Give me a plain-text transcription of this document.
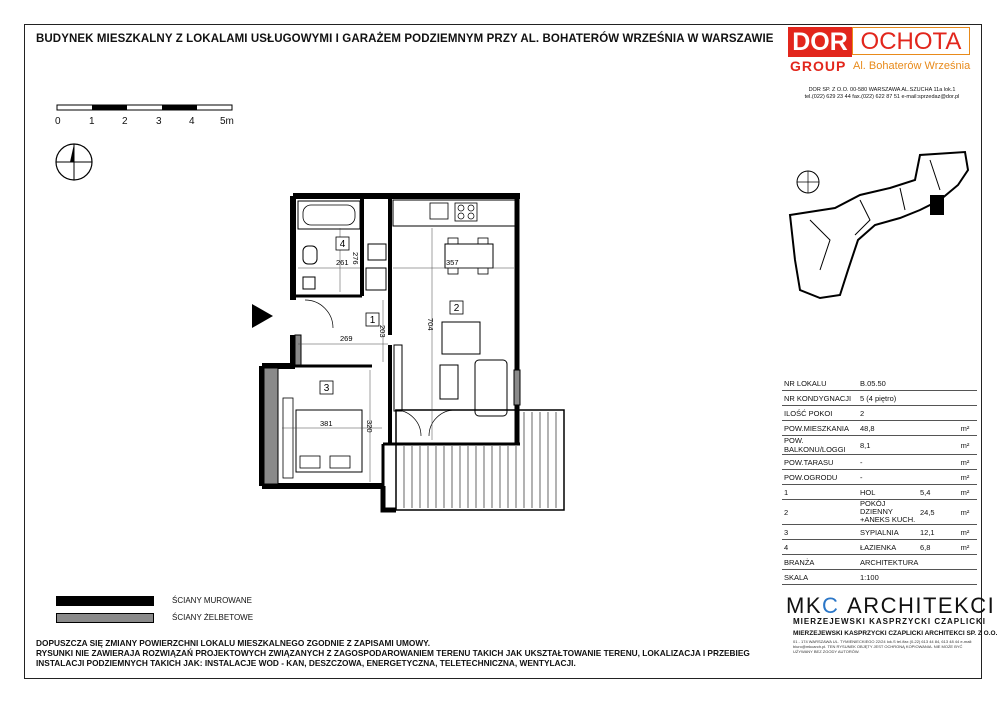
BUDYNEK MIESZKALNY Z LOKALAMI USŁUGOWYMI I GARAŻEM PODZIEMNYM PRZY AL. BOHATERÓW WRZEŚNIA W WARSZAWIE DOR OCHOTA
GROUP Al. Bohaterów Września
DOR SP. Z O.O. 00-580 WARSZAWA AL.SZUCHA 11a lok.1
tel.(022) 629 23 44 fax.(022) 622 87 51 e-mail:sprzedaz@dor.pl
0	1	2	3	4	5m
4
1
2
3
261 276	357
269
203
704
381	320
NR LOKALU	B.05.50		
NR KONDYGNACJI	5 (4 piętro)		
ILOŚĆ POKOI	2		
POW.MIESZKANIA	48,8		m²
POW. BALKONU/LOGGI	8,1		m²
POW.TARASU	-		m²
POW.OGRODU	-		m²
1	HOL	5,4	m²
2	POKÓJ DZIENNY +ANEKS KUCH.	24,5	m²
3	SYPIALNIA	12,1	m²
4	ŁAZIENKA	6,8	m²
BRANŻA	ARCHITEKTURA		
SKALA	1:100		
ŚCIANY MUROWANE
ŚCIANY ŻELBETOWE
DOPUSZCZA SIĘ ZMIANY POWIERZCHNI LOKALU MIESZKALNEGO ZGODNIE Z ZAPISAMI UMOWY.
RYSUNKI NIE ZAWIERAJA ROZWIĄZAŃ PROJEKTOWYCH ZWIĄZANYCH Z ZAGOSPODAROWANIEM TERENU TAKICH JAK UKSZTAŁTOWANIE TERENU, LOKALIZACJA I PRZEBIEG
INSTALACJI PODZIEMNYCH TAKICH JAK: INSTALACJE WOD - KAN, DESZCZOWA, ENERGETYCZNA, TELETECHNICZNA, WENTYLACJI.
MKC ARCHITEKCI
MIERZEJEWSKI KASPRZYCKI CZAPLICKI
MIERZEJEWSKI KASPRZYCKI CZAPLICKI ARCHITEKCI SP. Z O.O.
01 - 174 WARSZAWA UL. TYMIENIECKIEGO 22/24 lok.S tel./fax (0-22) 613 44 84, 613 48 44 e-mail: biuro@mkcarch.pl. TEN RYSUNEK OBJĘTY JEST OCHRONĄ KOPIOWANIA. NIE MOŻE BYĆ UŻYWANY BEZ ZGODY AUTORÓW.
